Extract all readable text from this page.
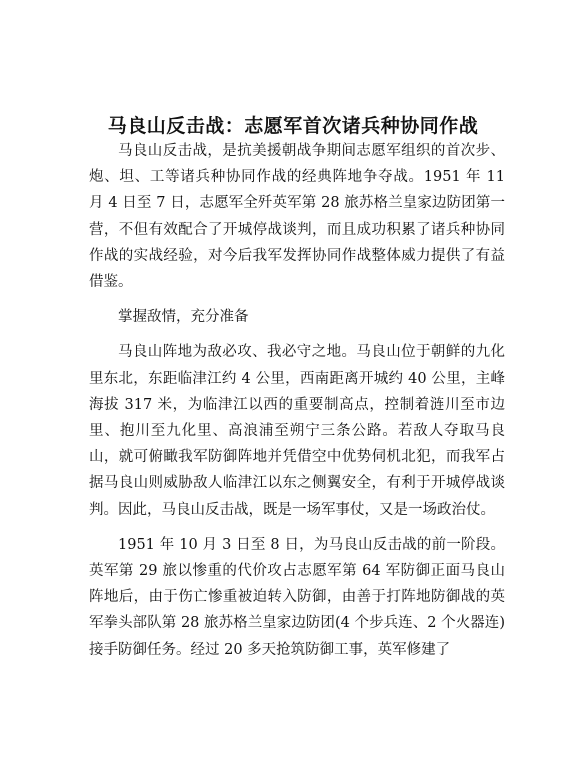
马良山反击战：志愿军首次诸兵种协同作战

马良山反击战，是抗美援朝战争期间志愿军组织的首次步、炮、坦、工等诸兵种协同作战的经典阵地争夺战。1951 年 11 月 4 日至 7 日，志愿军全歼英军第 28 旅苏格兰皇家边防团第一营，不但有效配合了开城停战谈判，而且成功积累了诸兵种协同作战的实战经验，对今后我军发挥协同作战整体威力提供了有益借鉴。

掌握敌情，充分准备

马良山阵地为敌必攻、我必守之地。马良山位于朝鲜的九化里东北，东距临津江约 4 公里，西南距离开城约 40 公里，主峰海拔 317 米，为临津江以西的重要制高点，控制着涟川至市边里、抱川至九化里、高浪浦至朔宁三条公路。若敌人夺取马良山，就可俯瞰我军防御阵地并凭借空中优势伺机北犯，而我军占据马良山则威胁敌人临津江以东之侧翼安全，有利于开城停战谈判。因此，马良山反击战，既是一场军事仗，又是一场政治仗。

1951 年 10 月 3 日至 8 日，为马良山反击战的前一阶段。英军第 29 旅以惨重的代价攻占志愿军第 64 军防御正面马良山阵地后，由于伤亡惨重被迫转入防御，由善于打阵地防御战的英军拳头部队第 28 旅苏格兰皇家边防团(4 个步兵连、2 个火器连)接手防御任务。经过 20 多天抢筑防御工事，英军修建了
